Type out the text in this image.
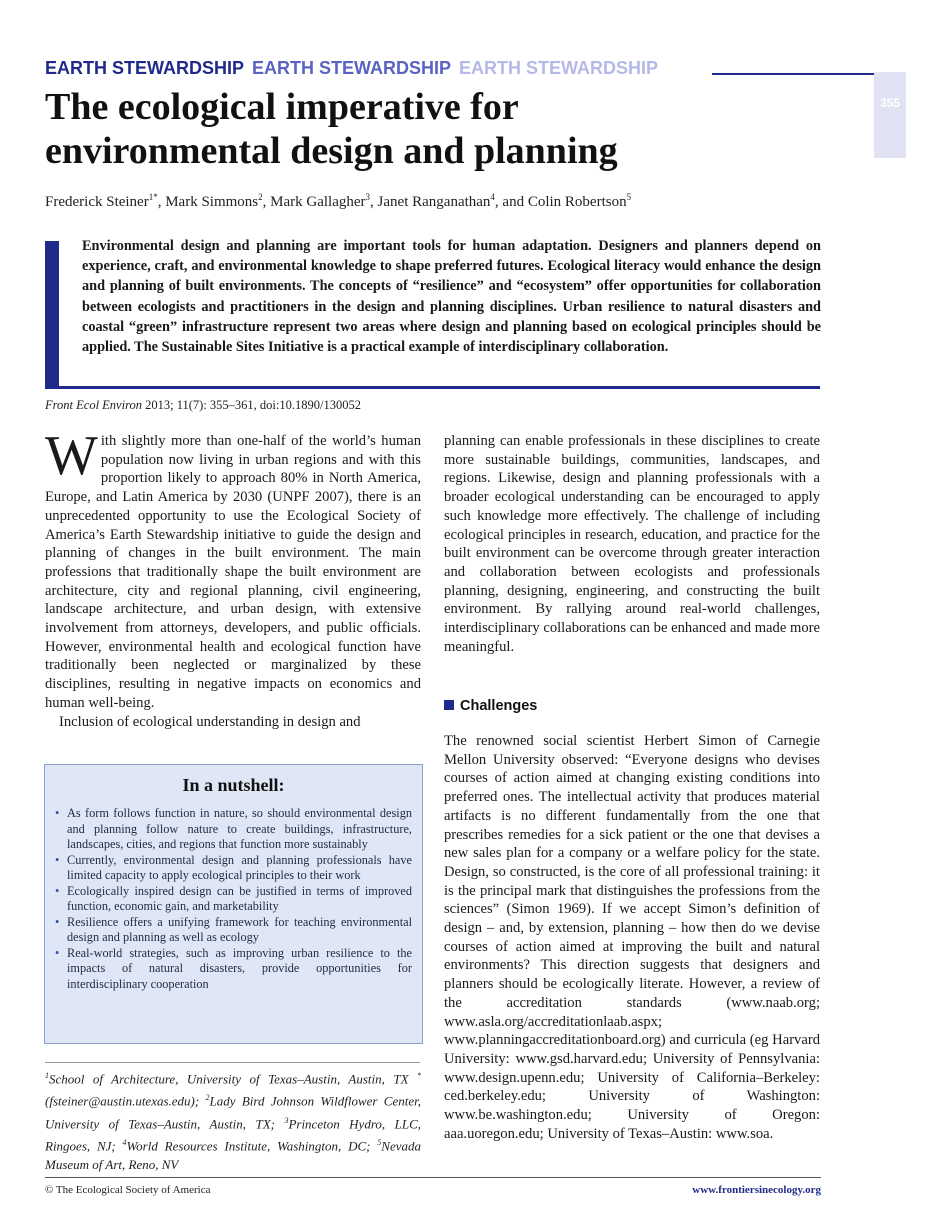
EARTH STEWARDSHIP EARTH STEWARDSHIP EARTH STEWARDSHIP
355
The ecological imperative for
environmental design and planning
Frederick Steiner$^{1*}$, Mark Simmons$^2$, Mark Gallagher$^3$, Janet Ranganathan$^4$, and Colin Robertson$^5$

Environmental design and planning are important tools for human adaptation. Designers and planners depend on experience, craft, and environmental knowledge to shape preferred futures. Ecological literacy would enhance the design and planning of built environments. The concepts of “resilience” and “ecosystem” offer opportunities for collaboration between ecologists and practitioners in the design and planning disciplines. Urban resilience to natural disasters and coastal “green” infrastructure represent two areas where design and planning based on ecological principles should be applied. The Sustainable Sites Initiative is a practical example of interdisciplinary collaboration.

Front Ecol Environ 2013; 11(7): 355–361, doi:10.1890/130052

With slightly more than one-half of the world’s human population now living in urban regions and with this proportion likely to approach 80% in North America, Europe, and Latin America by 2030 (UNPF 2007), there is an unprecedented opportunity to use the Ecological Society of America’s Earth Stewardship initiative to guide the design and planning of changes in the built environment. The main professions that traditionally shape the built environment are architecture, city and regional planning, civil engineering, landscape architecture, and urban design, with extensive involvement from attorneys, developers, and public officials. However, environmental health and ecological function have traditionally been neglected or marginalized by these disciplines, resulting in negative impacts on economics and human well-being.

Inclusion of ecological understanding in design and

planning can enable professionals in these disciplines to create more sustainable buildings, communities, landscapes, and regions. Likewise, design and planning professionals with a broader ecological understanding can be encouraged to apply such knowledge more effectively. The challenge of including ecological principles in research, education, and practice for the built environment can be overcome through greater interaction and collaboration between ecologists and professionals planning, designing, engineering, and constructing the built environment. By rallying around real-world challenges, interdisciplinary collaborations can be enhanced and made more meaningful.

Challenges

The renowned social scientist Herbert Simon of Carnegie Mellon University observed: “Everyone designs who devises courses of action aimed at changing existing conditions into preferred ones. The intellectual activity that produces material artifacts is no different fundamentally from the one that prescribes remedies for a sick patient or the one that devises a new sales plan for a company or a welfare policy for the state. Design, so constructed, is the core of all professional training: it is the principal mark that distinguishes the professions from the sciences” (Simon 1969). If we accept Simon’s definition of design – and, by extension, planning – how then do we devise courses of action aimed at improving the built and natural environments? This direction suggests that designers and planners should be ecologically literate. However, a review of the accreditation standards (www.naab.org; www.asla.org/accreditationlaab.aspx; www.planningaccreditationboard.org) and curricula (eg Harvard University: www.gsd.harvard.edu; University of Pennsylvania: www.design.upenn.edu; University of California–Berkeley: ced.berkeley.edu; University of Washington: www.be.washington.edu; University of Oregon: aaa.uoregon.edu; University of Texas–Austin: www.soa.

In a nutshell:
• As form follows function in nature, so should environmental design and planning follow nature to create buildings, infrastructure, landscapes, cities, and regions that function more sustainably
• Currently, environmental design and planning professionals have limited capacity to apply ecological principles to their work
• Ecologically inspired design can be justified in terms of improved function, economic gain, and marketability
• Resilience offers a unifying framework for teaching environmental design and planning as well as ecology
• Real-world strategies, such as improving urban resilience to the impacts of natural disasters, provide opportunities for interdisciplinary cooperation
$^1$School of Architecture, University of Texas–Austin, Austin, TX *(fsteiner@austin.utexas.edu); $^2$Lady Bird Johnson Wildflower Center, University of Texas–Austin, Austin, TX; $^3$Princeton Hydro, LLC, Ringoes, NJ; $^4$World Resources Institute, Washington, DC; $^5$Nevada Museum of Art, Reno, NV
© The Ecological Society of America	www.frontiersinecology.org
